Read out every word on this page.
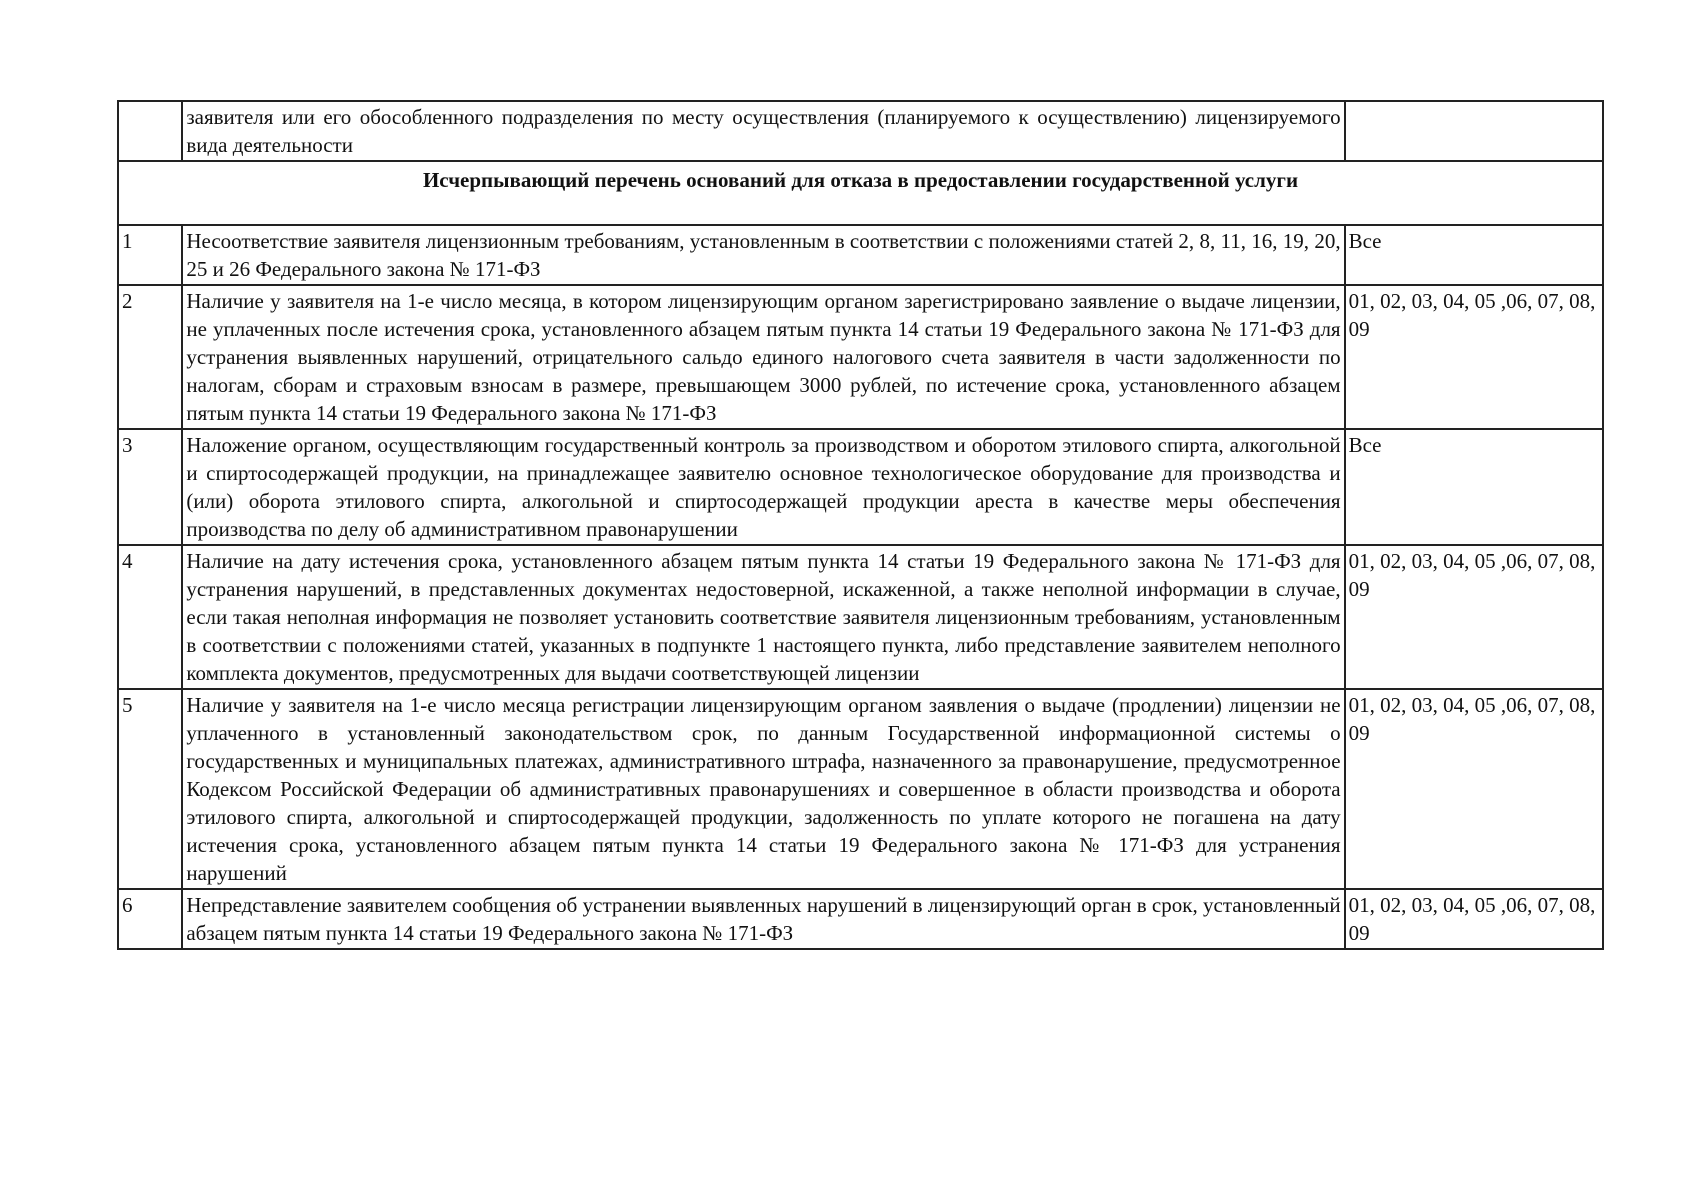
	заявителя или его обособленного подразделения по месту осуществления (планируемого к осуществлению) лицензируемого вида деятельности	
Исчерпывающий перечень оснований для отказа в предоставлении государственной услуги		
1	Несоответствие заявителя лицензионным требованиям, установленным в соответствии с положениями статей 2, 8, 11, 16, 19, 20, 25 и 26 Федерального закона № 171-ФЗ	Все
2	Наличие у заявителя на 1-е число месяца, в котором лицензирующим органом зарегистрировано заявление о выдаче лицензии, не уплаченных после истечения срока, установленного абзацем пятым пункта 14 статьи 19 Федерального закона № 171-ФЗ для устранения выявленных нарушений, отрицательного сальдо единого налогового счета заявителя в части задолженности по налогам, сборам и страховым взносам в размере, превышающем 3000 рублей, по истечение срока, установленного абзацем пятым пункта 14 статьи 19 Федерального закона № 171-ФЗ	01, 02, 03, 04, 05 ,06, 07, 08, 09
3	Наложение органом, осуществляющим государственный контроль за производством и оборотом этилового спирта, алкогольной и спиртосодержащей продукции, на принадлежащее заявителю основное технологическое оборудование для производства и (или) оборота этилового спирта, алкогольной и спиртосодержащей продукции ареста в качестве меры обеспечения производства по делу об административном правонарушении	Все
4	Наличие на дату истечения срока, установленного абзацем пятым пункта 14 статьи 19 Федерального закона № 171-ФЗ для устранения нарушений, в представленных документах недостоверной, искаженной, а также неполной информации в случае, если такая неполная информация не позволяет установить соответствие заявителя лицензионным требованиям, установленным в соответствии с положениями статей, указанных в подпункте 1 настоящего пункта, либо представление заявителем неполного комплекта документов, предусмотренных для выдачи соответствующей лицензии	01, 02, 03, 04, 05 ,06, 07, 08, 09
5	Наличие у заявителя на 1-е число месяца регистрации лицензирующим органом заявления о выдаче (продлении) лицензии не уплаченного в установленный законодательством срок, по данным Государственной информационной системы о государственных и муниципальных платежах, административного штрафа, назначенного за правонарушение, предусмотренное Кодексом Российской Федерации об административных правонарушениях и совершенное в области производства и оборота этилового спирта, алкогольной и спиртосодержащей продукции, задолженность по уплате которого не погашена на дату истечения срока, установленного абзацем пятым пункта 14 статьи 19 Федерального закона № 171-ФЗ для устранения нарушений	01, 02, 03, 04, 05 ,06, 07, 08, 09
6	Непредставление заявителем сообщения об устранении выявленных нарушений в лицензирующий орган в срок, установленный абзацем пятым пункта 14 статьи 19 Федерального закона № 171-ФЗ	01, 02, 03, 04, 05 ,06, 07, 08, 09
